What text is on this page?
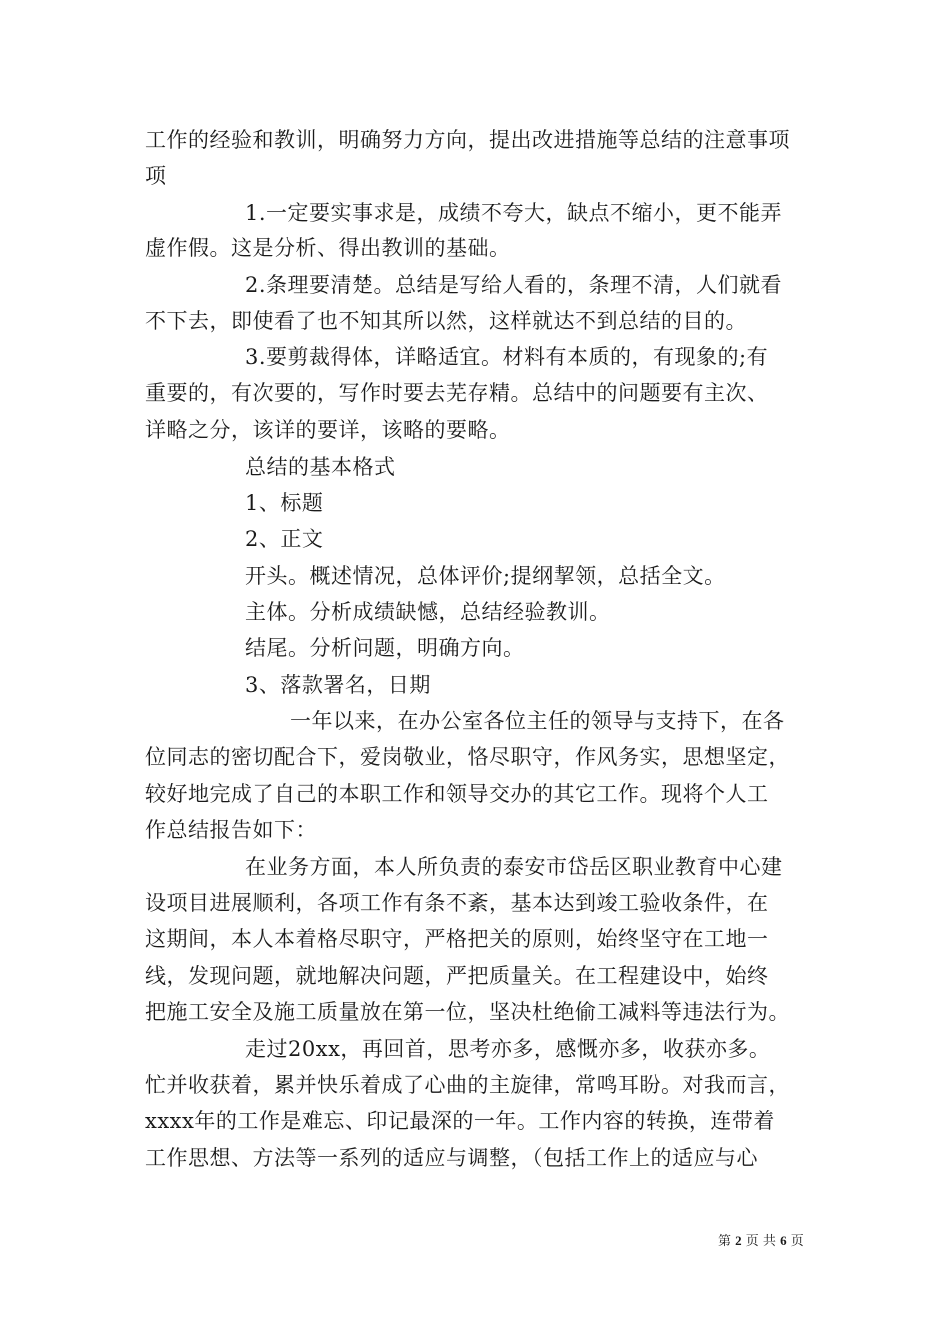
工作的经验和教训，明确努力方向，提出改进措施等总结的注意事项
项
1.一定要实事求是，成绩不夸大，缺点不缩小，更不能弄
虚作假。这是分析、得出教训的基础。
2.条理要清楚。总结是写给人看的，条理不清，人们就看
不下去，即使看了也不知其所以然，这样就达不到总结的目的。
3.要剪裁得体，详略适宜。材料有本质的，有现象的;有
重要的，有次要的，写作时要去芜存精。总结中的问题要有主次、
详略之分，该详的要详，该略的要略。
总结的基本格式
1、标题
2、正文
开头。概述情况，总体评价;提纲挈领，总括全文。
主体。分析成绩缺憾，总结经验教训。
结尾。分析问题，明确方向。
3、落款署名，日期
一年以来，在办公室各位主任的领导与支持下，在各
位同志的密切配合下，爱岗敬业，恪尽职守，作风务实，思想坚定，
较好地完成了自己的本职工作和领导交办的其它工作。现将个人工
作总结报告如下：
在业务方面，本人所负责的泰安市岱岳区职业教育中心建
设项目进展顺利，各项工作有条不紊，基本达到竣工验收条件，在
这期间，本人本着格尽职守，严格把关的原则，始终坚守在工地一
线，发现问题，就地解决问题，严把质量关。在工程建设中，始终
把施工安全及施工质量放在第一位，坚决杜绝偷工减料等违法行为。
走过20xx，再回首，思考亦多，感慨亦多，收获亦多。
忙并收获着，累并快乐着成了心曲的主旋律，常鸣耳盼。对我而言，
xxxx年的工作是难忘、印记最深的一年。工作内容的转换，连带着
工作思想、方法等一系列的适应与调整，（包括工作上的适应与心
第 2 页 共 6 页
